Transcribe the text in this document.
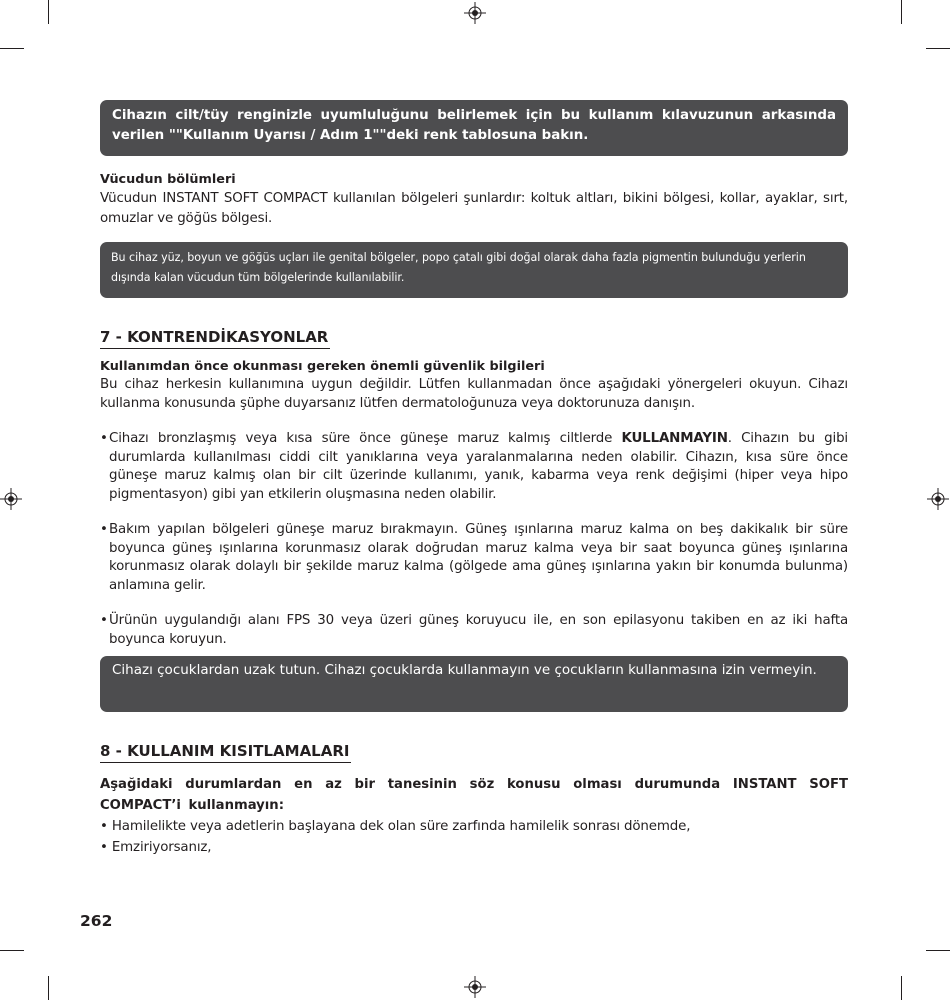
Cihazın cilt/tüy renginizle uyumluluğunu belirlemek için bu kullanım kılavuzunun arkasında verilen ""Kullanım Uyarısı / Adım 1""deki renk tablosuna bakın.
Vücudun bölümleri
Vücudun INSTANT SOFT COMPACT kullanılan bölgeleri şunlardır: koltuk altları, bikini bölgesi, kollar, ayaklar, sırt, omuzlar ve göğüs bölgesi.
Bu cihaz yüz, boyun ve göğüs uçları ile genital bölgeler, popo çatalı gibi doğal olarak daha fazla pigmentin bulunduğu yerlerin dışında kalan vücudun tüm bölgelerinde kullanılabilir.
7 - KONTRENDİKASYONLAR
Kullanımdan önce okunması gereken önemli güvenlik bilgileri
Bu cihaz herkesin kullanımına uygun değildir. Lütfen kullanmadan önce aşağıdaki yönergeleri okuyun. Cihazı kullanma konusunda şüphe duyarsanız lütfen dermatoloğunuza veya doktorunuza danışın.
• Cihazı bronzlaşmış veya kısa süre önce güneşe maruz kalmış ciltlerde KULLANMAYIN. Cihazın bu gibi durumlarda kullanılması ciddi cilt yanıklarına veya yaralanmalarına neden olabilir. Cihazın, kısa süre önce güneşe maruz kalmış olan bir cilt üzerinde kullanımı, yanık, kabarma veya renk değişimi (hiper veya hipo pigmentasyon) gibi yan etkilerin oluşmasına neden olabilir.
• Bakım yapılan bölgeleri güneşe maruz bırakmayın. Güneş ışınlarına maruz kalma on beş dakikalık bir süre boyunca güneş ışınlarına korunmasız olarak doğrudan maruz kalma veya bir saat boyunca güneş ışınlarına korunmasız olarak dolaylı bir şekilde maruz kalma (gölgede ama güneş ışınlarına yakın bir konumda bulunma) anlamına gelir.
• Ürünün uygulandığı alanı FPS 30 veya üzeri güneş koruyucu ile, en son epilasyonu takiben en az iki hafta boyunca koruyun.
Cihazı çocuklardan uzak tutun. Cihazı çocuklarda kullanmayın ve çocukların kullanmasına izin vermeyin.
8 - KULLANIM KISITLAMALARI
Aşağidaki durumlardan en az bir tanesinin söz konusu olması durumunda INSTANT SOFT COMPACT’i kullanmayın:
• Hamilelikte veya adetlerin başlayana dek olan süre zarfında hamilelik sonrası dönemde,
• Emziriyorsanız,
262
